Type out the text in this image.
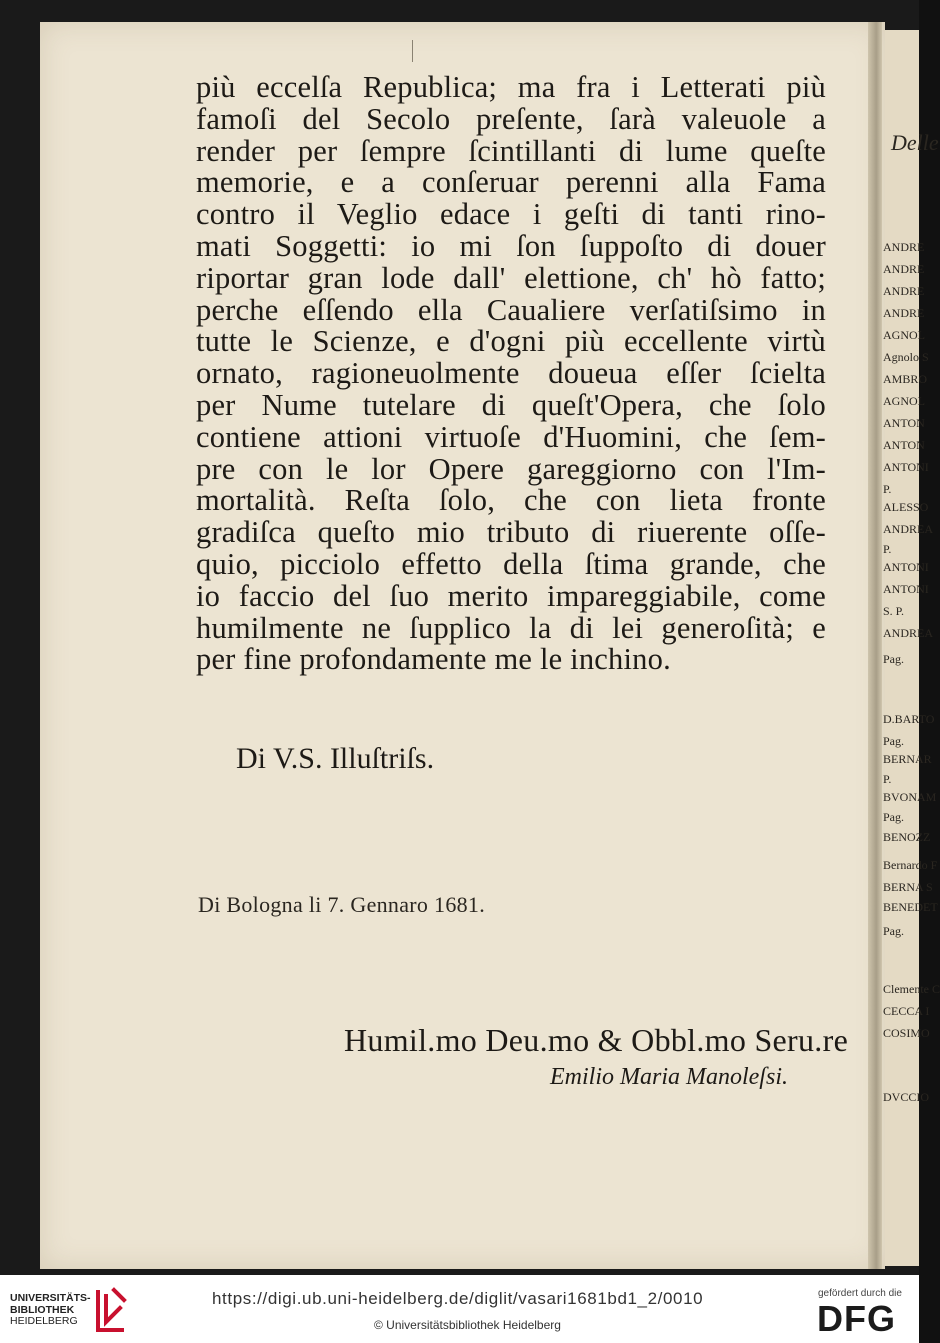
più eccelſa Republica; ma fra i Letterati più
famoſi del Secolo preſente, ſarà valeuole a
render per ſempre ſcintillanti di lume queſte
memorie, e a conſeruar perenni alla Fama
contro il Veglio edace i geſti di tanti rino-
mati Soggetti: io mi ſon ſuppoſto di douer
riportar gran lode dall' elettione, ch' hò fatto;
perche eſſendo ella Caualiere verſatiſsimo in
tutte le Scienze, e d'ogni più eccellente virtù
ornato, ragioneuolmente doueua eſſer ſcielta
per Nume tutelare di queſt'Opera, che ſolo
contiene attioni virtuoſe d'Huomini, che ſem-
pre con le lor Opere gareggiorno con l'Im-
mortalità. Reſta ſolo, che con lieta fronte
gradiſca queſto mio tributo di riuerente oſſe-
quio, picciolo effetto della ſtima grande, che
io faccio del ſuo merito impareggiabile, come
humilmente ne ſupplico la di lei generoſità; e
per fine profondamente me le inchino.
Di V.S. Illuſtriſs.
Di Bologna li 7. Gennaro 1681.
Humil.mo Deu.mo & Obbl.mo Seru.re
Emilio Maria Manoleſsi.
Delle
ANDRE
ANDRE
ANDRE
ANDRE
AGNOL
Agnolo S
AMBRO
AGNOL
ANTON
ANTON
ANTONI
P.
ALESSO
ANDREA
P.
ANTONI
ANTONI
S. P.
ANDREA
Pag.
D.BARTO
Pag.
BERNAR
P.
BVONAM
Pag.
BENOZZ
Bernardo F
BERNA S
BENEDET
Pag.
Clemente C
CECCA I
COSIMO
DVCCIO
UNIVERSITÄTS-
BIBLIOTHEK
HEIDELBERG
https://digi.ub.uni-heidelberg.de/diglit/vasari1681bd1_2/0010
© Universitätsbibliothek Heidelberg
gefördert durch die
DFG
